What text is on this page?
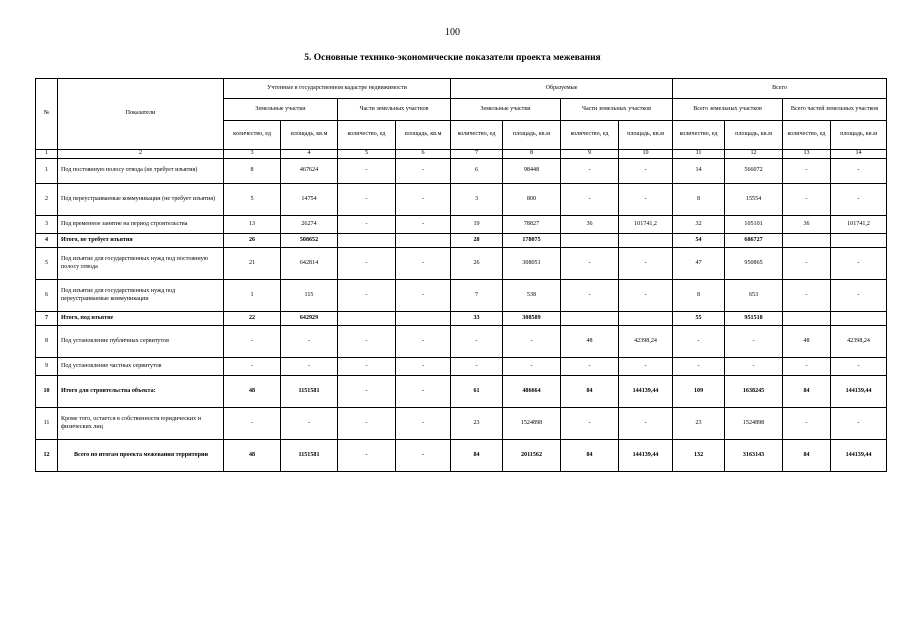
100
5. Основные технико-экономические показатели проекта межевания
№	Показатели	Учтенные в государственном кадастре недвижимости				Образуемые				Всего			
		Земельные участки		Части земельных участков		Земельные участки		Части земельных участков		Всего земельных участков		Всего частей земельных участков	
		количество, ед	площадь, кв.м	количество, ед	площадь, кв.м	количество, ед	площадь, кв.м	количество, ед	площадь, кв.м	количество, ед	площадь, кв.м	количество, ед	площадь, кв.м
1	2	3	4	5	6	7	8	9	10	11	12	13	14
1	Под постоянную полосу отвода (не требует изъятия)	8	467624	-	-	6	98448	-	-	14	566072	-	-
2	Под переустраиваемые коммуникации (не требует изъятия)	5	14754	-	-	3	800	-	-	8	15554	-	-
3	Под временное занятие на период строительства	13	26274	-	-	19	78827	36	101741,2	32	105101	36	101741,2
4	Итого, не требует изъятия	26	508652			28	178075			54	686727		
5	Под изъятие для государственных нужд под постоянную полосу отвода	21	642814	-	-	26	308051	-	-	47	950865	-	-
6	Под изъятие для государственных нужд под переустраиваемые коммуникации	1	115	-	-	7	538	-	-	8	653	-	-
7	Итого, под изъятие	22	642929			33	308589			55	951518		
8	Под установление публичных сервитутов	-	-	-	-	-	-	48	42398,24	-	-	48	42398,24
9	Под установление частных сервитутов	-	-	-	-	-	-	-	-	-	-	-	-
10	Итого для строительства объекта:	48	1151581	-	-	61	486664	84	144139,44	109	1638245	84	144139,44
11	Кроме того, остается в собственности юридических и физических лиц	-	-	-	-	23	1524898	-	-	23	1524898	-	-
12	Всего по итогам проекта межевания территории	48	1151581	-	-	84	2011562	84	144139,44	132	3163143	84	144139,44
